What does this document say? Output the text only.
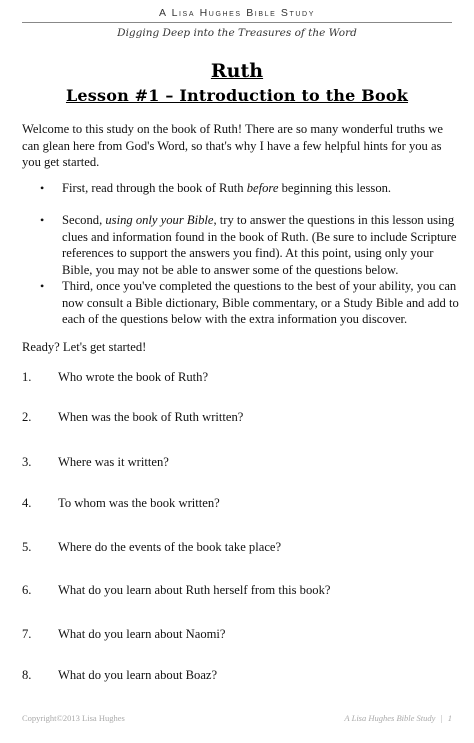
A Lisa Hughes Bible Study
Digging Deep into the Treasures of the Word
Ruth
Lesson #1 – Introduction to the Book
Welcome to this study on the book of Ruth! There are so many wonderful truths we can glean here from God's Word, so that's why I have a few helpful hints for you as you get started.
• First, read through the book of Ruth before beginning this lesson.
• Second, using only your Bible, try to answer the questions in this lesson using clues and information found in the book of Ruth. (Be sure to include Scripture references to support the answers you find). At this point, using only your Bible, you may not be able to answer some of the questions below.
• Third, once you've completed the questions to the best of your ability, you can now consult a Bible dictionary, Bible commentary, or a Study Bible and add to each of the questions below with the extra information you discover.
Ready? Let's get started!
1. Who wrote the book of Ruth?
2. When was the book of Ruth written?
3. Where was it written?
4. To whom was the book written?
5. Where do the events of the book take place?
6. What do you learn about Ruth herself from this book?
7. What do you learn about Naomi?
8. What do you learn about Boaz?
Copyright©2013 Lisa Hughes	A Lisa Hughes Bible Study | 1
